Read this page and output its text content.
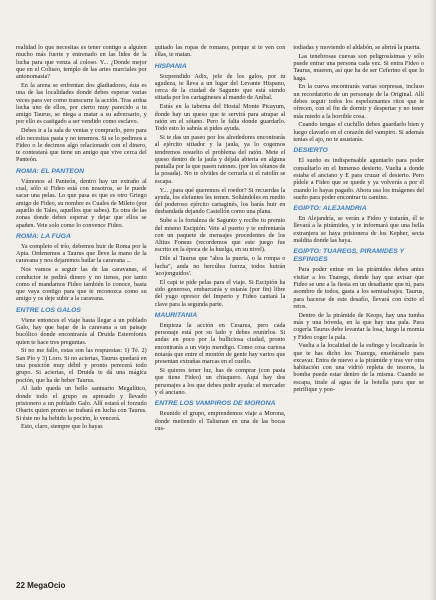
realidad lo que necesitas es tener contigo a alguien mucho más fuerte y entrenado en las lides de la lucha para que venza al coloso. Y... ¿Donde mejor que en el Coliseo, templo de las artes marciales por antonomasia?

En la arena se enfrentan dos gladiadores, ésta es una de las localidades donde debes esperar varias veces para ver como transcurre la acción. Tras ardua lucha uno de ellos, por cierto muy parecido a tu amigo Taurus, se niega a matar a su adversario, y por ello es castigado a ser vendido como esclavo.

Debes ir a la sala de ventas y comprarlo, pero para ello necesitas pasta y no tenemos. Si se lo pedimos a Fideo o le decimos algo relacionado con el dinero, te contestará que tiene un amigo que vive cerca del Panteón.

ROMA: EL PANTEON

Vámonos al Panteón, dentro hay un extraño al cual, sólo si Fideo está con nosotros, se le puede sacar una pelas. Lo que pasa es que es otro Griego amigo de Fideo, su nombre es Cuales de Mileto (por aquello de Tales, aquellos que sabes). Es otra de las zonas donde debes esperar y dejar que ellos se apañen. Vete solo como lo convence Fideo.

ROMA: LA FUGA

Ya completo el trío, debemos huir de Roma por la Apia. Ordenemos a Taurus que lleve la mano de la caravana y nos dejaremos bailar la caravana ...

Nos vamos a seguir las de las caravanas, el conductor te pedirá dinero y no tienes, por tanto como el mandamos Fideo también lo conoce, basta que vaya contigo para que te reconozca como su amigo y os deje subir a la caravana.

ENTRE LOS GALOS

Viene entonces el viaje hasta llegar a un poblado Galo, hay que bajar de la caravana a un paisaje bucólico donde encontrarás al Druida Esterofonix quien te hace tres preguntas.

Si no me fallo, estas son las respuestas: 1) Té. 2) San Pío y 3) Loro. Si no aciertas, Taurus quedará en una posición muy débil y pronto perecerá todo grupo. Si aciertas, el Druida te dá una mágica poción, que ha de beber Taurus.

Al lado queda un bello santuario Megalítico, donde todo el grupo es apresado y llevado prisionero a un poblado Galo. Allí estará el forzudo Obarix quien pronto se trabará en lucha con Taurus. Si éste no ha bebido la poción, lo vencerá.

Esto, claro, siempre que lo hayas

quitado las ropas de romano, porque si te ven con ellas, te matan.

HISPANIA

Sorprendido Adix, jefe de los galos, por tu agudeza, te lleva a un lugar del Levante Hispano, cerca de la ciudad de Sagunto que está siendo sitiada por los cartagineses al mando de Aníbal.

Estás en la taberna del Hostal Monte Picayum, donde hay un queso que te servirá para atrapar al ratón en el sótano. Pero le falta donde guardarlo. Todo esto lo sabrás si pides ayuda.

Si te das un paseo por los alrededores encontrarás al ejército sitiador y la jaula, ya lo cogemos tendremos resuelto el problema del ratón. Mete el queso dentro de la jaula y déjala abierta en alguna pantalla por la que pasen ratones. (por los sótanos de la posada). No te olvides de cerrarla si el ratolín se escapa.

Y... ¿para qué queremos el roedor? Si recuerdas la ayuda, los elefantes les temen. Soltándoles en medio del poderoso ejército cartaginés, los harás huir en desbandada dejando Castellón como una plana.

Sube a la fortaleza de Sagunto y recibe tu premio del mismo Escipión. Vete al puerto y te enfrentarás con un paquete de mensajes procedentes de los Altius Fonsus (recordemos que este juego fue escrito en la época de la huelga, en su nivel).

Dile al Taurus que "abra la puerta, o la rompa o lucha", anda no hercúlea fuerza, todos huirán 'acojonguidos'.

El capi te pide pelas para el viaje. Si Escipión ha sido generoso, embarcarás y estarás (por fin) libre del yugo opresor del Imperio y Fideo cantará la clave para la segunda parte.

MAURITANIA

Empieza la acción en Cesarea, pero cada personaje está por su lado y debes reunirlos. Si andas en poco por la bulliciosa ciudad, pronto encontrarás a un viejo mendigo. Como cosa curiosa notarás que entre el montón de gente hay varios que presentan extrañas marcas en el cuello.

Si quieres tener luz, has de comprar (con pasta que tiene Fideo) un chisquero. Aquí hay dos personajes a los que debes pedir ayuda: el mercader y el anciano.

ENTRE LOS VAMPIROS DE MORONA

Reunido el grupo, emprendemos viaje a Morona, donde metiendo el Talisman en una de las bocas cus-

todiadas y moviendo el aldabón, se abrirá la puerta.

Las tenebrosas cuevas son peligrosísimas y sólo puede entrar una persona cada vez. Si entra Fideo o Taurus, mueren, así que ha de ser Ceferino el que lo haga.

En la cueva encontrarás varias sorpresas, incluso un recordatorio de un personaje de la Original. Allí debes seguir todos los espeluznantes ritos que te ofrecen, con el fin de dormir y despertar y no tener más miedo a la horrible cosa.

Cuando tengas el cuchillo debes guardarlo bien y luego clavarlo en el corazón del vampiro. Si además tenías el ajo, no te asustarás.

DESIERTO

El sueño es indispensable aguntarlo para poder consultarlo en el Inmenso desierto. Vuelta a donde estaba el anciano y E para cruzar el desierto. Pero pídele a Fideo que se quede y ya volverás a por él cuando lo hayas pagado. Ahora usa los imágenes del sueño para poder encontrar tu camino.

EGIPTO: ALEJANDRIA

En Alejandría, se verán a Fideo y tratarán, él te llevará a la pirámides, y te informará que una bella extranjera se haya prisionera de los Kepher, secta maldita donde las haya.

EGIPTO: TUAREGS, PIRAMIDES Y ESFINGES

Para poder entrar en las pirámides debes antes visitar a los Tuaregs, donde hay que avisar que Fideo se une a la fiesta en un desafiante que tú, para asombro de todos, gasta a los semisalvajes. Taurus, para hacerse de este desafío, llevará con éxito el retos.

Dentro de la pirámide de Keops, hay una tumba más y una bóveda, en la que hay una pala. Para cogerla Taurus debe levantar la losa, luego la momia y Fideo coger la pala.

Vuelta a la localidad de la esfinge y localizarás lo que te has dicho los Tuaregs, enseñárselo para excavar. Entra de nuevo a la pirámide y tras ver otra habitación con una vidrió repleta de tesoros, la bomba puede estar dentro de la misma. Cuando se escapa, tirale al agua de la botella para que se petrifique y pon-

22 MegaOcio
